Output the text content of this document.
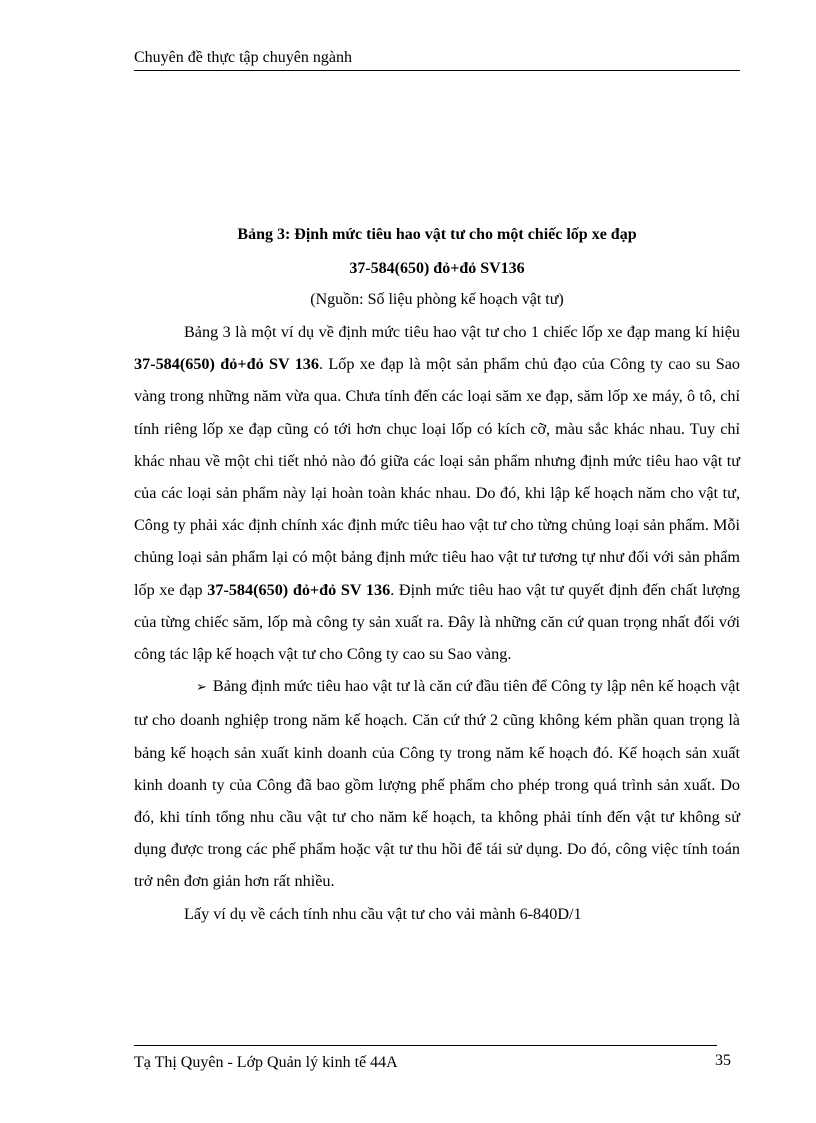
Chuyên đề thực tập chuyên ngành
Bảng 3: Định mức tiêu hao vật tư cho một chiếc lốp xe đạp
37-584(650) đỏ+đỏ SV136
(Nguồn: Số liệu phòng kế hoạch vật tư)

Bảng 3 là một ví dụ về định mức tiêu hao vật tư cho 1 chiếc lốp xe đạp mang kí hiệu 37-584(650) đỏ+đỏ SV 136. Lốp xe đạp là một sản phẩm chủ đạo của Công ty cao su Sao vàng trong những năm vừa qua. Chưa tính đến các loại săm xe đạp, săm lốp xe máy, ô tô, chỉ tính riêng lốp xe đạp cũng có tới hơn chục loại lốp có kích cỡ, màu sắc khác nhau. Tuy chỉ khác nhau về một chi tiết nhỏ nào đó giữa các loại sản phẩm nhưng định mức tiêu hao vật tư của các loại sản phẩm này lại hoàn toàn khác nhau. Do đó, khi lập kế hoạch năm cho vật tư, Công ty phải xác định chính xác định mức tiêu hao vật tư cho từng chủng loại sản phẩm. Mỗi chủng loại sản phẩm lại có một bảng định mức tiêu hao vật tư tương tự như đối với sản phẩm lốp xe đạp 37-584(650) đỏ+đỏ SV 136. Định mức tiêu hao vật tư quyết định đến chất lượng của từng chiếc săm, lốp mà công ty sản xuất ra. Đây là những căn cứ quan trọng nhất đối với công tác lập kế hoạch vật tư cho Công ty cao su Sao vàng.

➢ Bảng định mức tiêu hao vật tư là căn cứ đầu tiên để Công ty lập nên kế hoạch vật tư cho doanh nghiệp trong năm kế hoạch. Căn cứ thứ 2 cũng không kém phần quan trọng là bảng kế hoạch sản xuất kinh doanh của Công ty trong năm kế hoạch đó. Kế hoạch sản xuất kinh doanh ty của Công đã bao gồm lượng phế phẩm cho phép trong quá trình sản xuất. Do đó, khi tính tổng nhu cầu vật tư cho năm kế hoạch, ta không phải tính đến vật tư không sử dụng được trong các phế phẩm hoặc vật tư thu hồi để tái sử dụng. Do đó, công việc tính toán trở nên đơn giản hơn rất nhiều.

Lấy ví dụ về cách tính nhu cầu vật tư cho vải mành 6-840D/1

Tạ Thị Quyên - Lớp Quản lý kinh tế 44A	35
